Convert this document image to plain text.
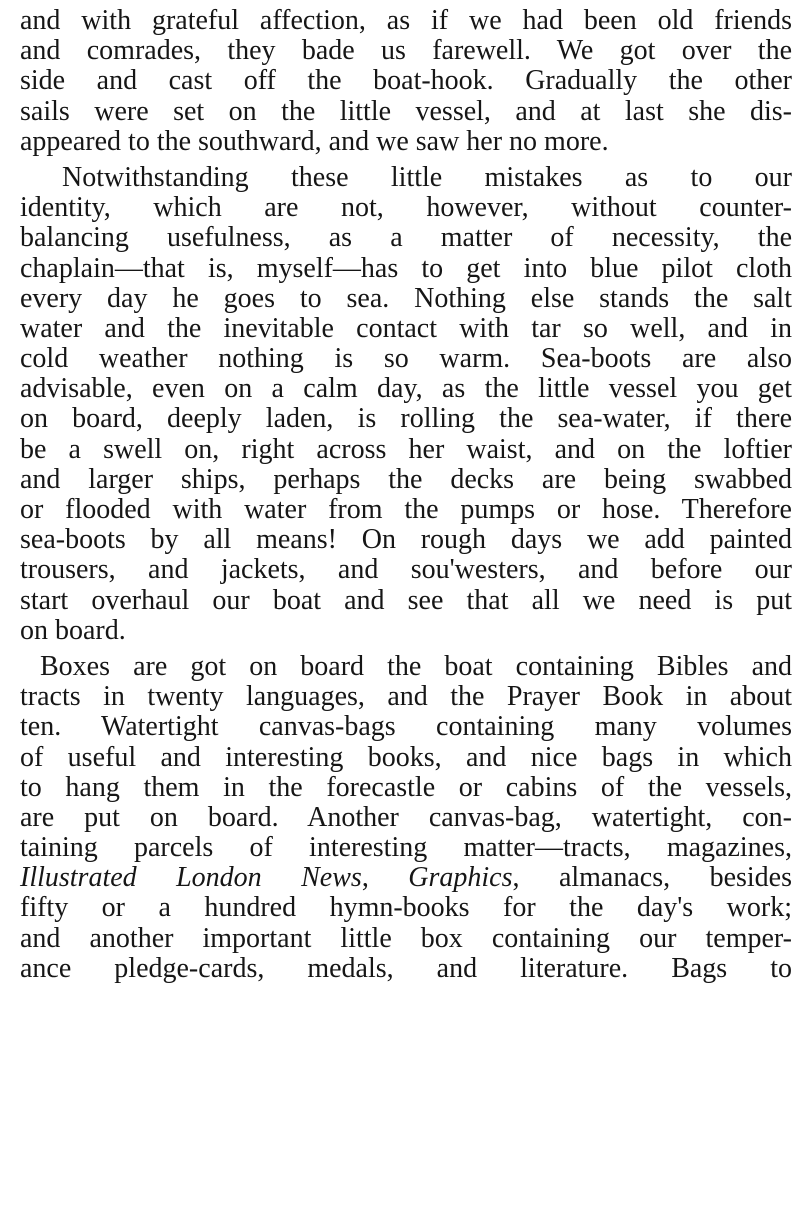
and with grateful affection, as if we had been old friends
and comrades, they bade us farewell. We got over the
side and cast off the boat-hook. Gradually the other
sails were set on the little vessel, and at last she dis-
appeared to the southward, and we saw her no more.

Notwithstanding these little mistakes as to our
identity, which are not, however, without counter-
balancing usefulness, as a matter of necessity, the
chaplain—that is, myself—has to get into blue pilot cloth
every day he goes to sea. Nothing else stands the salt
water and the inevitable contact with tar so well, and in
cold weather nothing is so warm. Sea-boots are also
advisable, even on a calm day, as the little vessel you get
on board, deeply laden, is rolling the sea-water, if there
be a swell on, right across her waist, and on the loftier
and larger ships, perhaps the decks are being swabbed
or flooded with water from the pumps or hose. Therefore
sea-boots by all means! On rough days we add painted
trousers, and jackets, and sou'westers, and before our
start overhaul our boat and see that all we need is put
on board.

Boxes are got on board the boat containing Bibles and
tracts in twenty languages, and the Prayer Book in about
ten. Watertight canvas-bags containing many volumes
of useful and interesting books, and nice bags in which
to hang them in the forecastle or cabins of the vessels,
are put on board. Another canvas-bag, watertight, con-
taining parcels of interesting matter—tracts, magazines,
Illustrated London News, Graphics, almanacs, besides
fifty or a hundred hymn-books for the day's work;
and another important little box containing our temper-
ance pledge-cards, medals, and literature. Bags to
